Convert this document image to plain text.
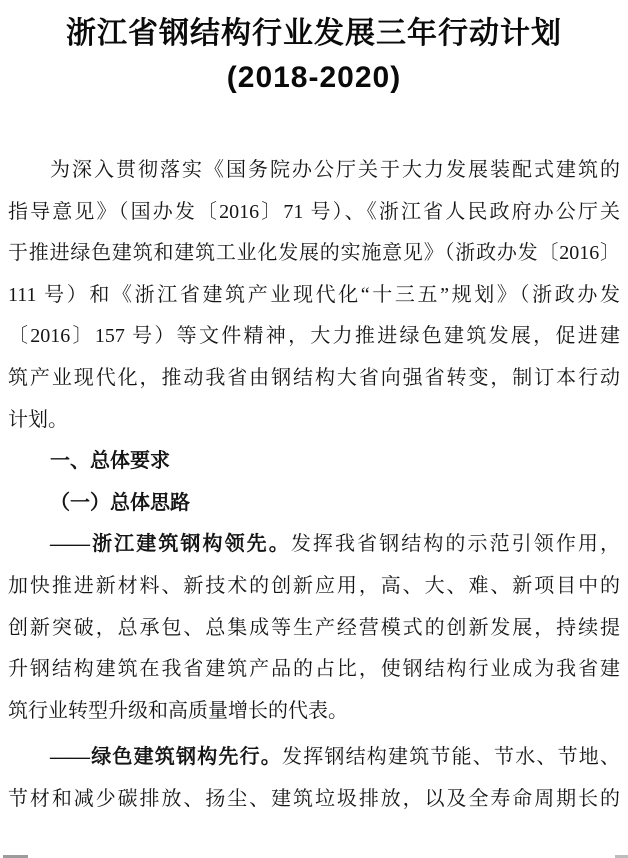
浙江省钢结构行业发展三年行动计划
(2018-2020)
为深入贯彻落实《国务院办公厅关于大力发展装配式建筑的
指导意见》（国办发〔2016〕71 号）、《浙江省人民政府办公厅关
于推进绿色建筑和建筑工业化发展的实施意见》（浙政办发〔2016〕
111 号）和《浙江省建筑产业现代化“十三五”规划》（浙政办发
〔2016〕157 号）等文件精神，大力推进绿色建筑发展，促进建
筑产业现代化，推动我省由钢结构大省向强省转变，制订本行动
计划。
一、总体要求
（一）总体思路
——浙江建筑钢构领先。发挥我省钢结构的示范引领作用，
加快推进新材料、新技术的创新应用，高、大、难、新项目中的
创新突破，总承包、总集成等生产经营模式的创新发展，持续提
升钢结构建筑在我省建筑产品的占比，使钢结构行业成为我省建
筑行业转型升级和高质量增长的代表。
——绿色建筑钢构先行。发挥钢结构建筑节能、节水、节地、
节材和减少碳排放、扬尘、建筑垃圾排放，以及全寿命周期长的
